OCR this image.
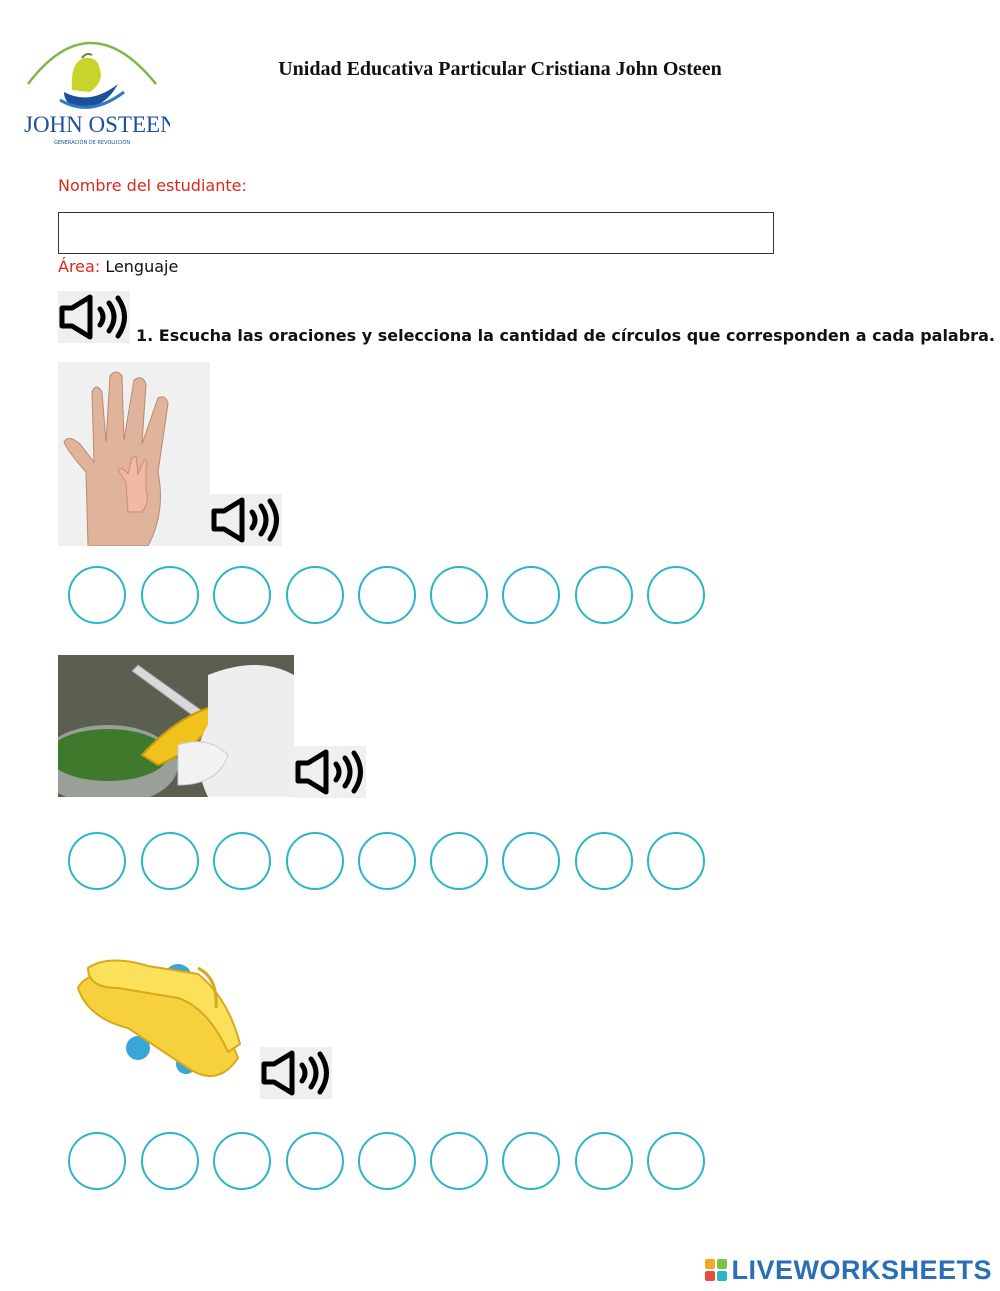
JOHN OSTEEN
GENERACIÓN DE REVOLUCIÓN
Unidad Educativa Particular Cristiana John Osteen
Nombre del estudiante:
Área: Lenguaje
1. Escucha las oraciones y selecciona la cantidad de círculos que corresponden a cada palabra.
LIVEWORKSHEETS
